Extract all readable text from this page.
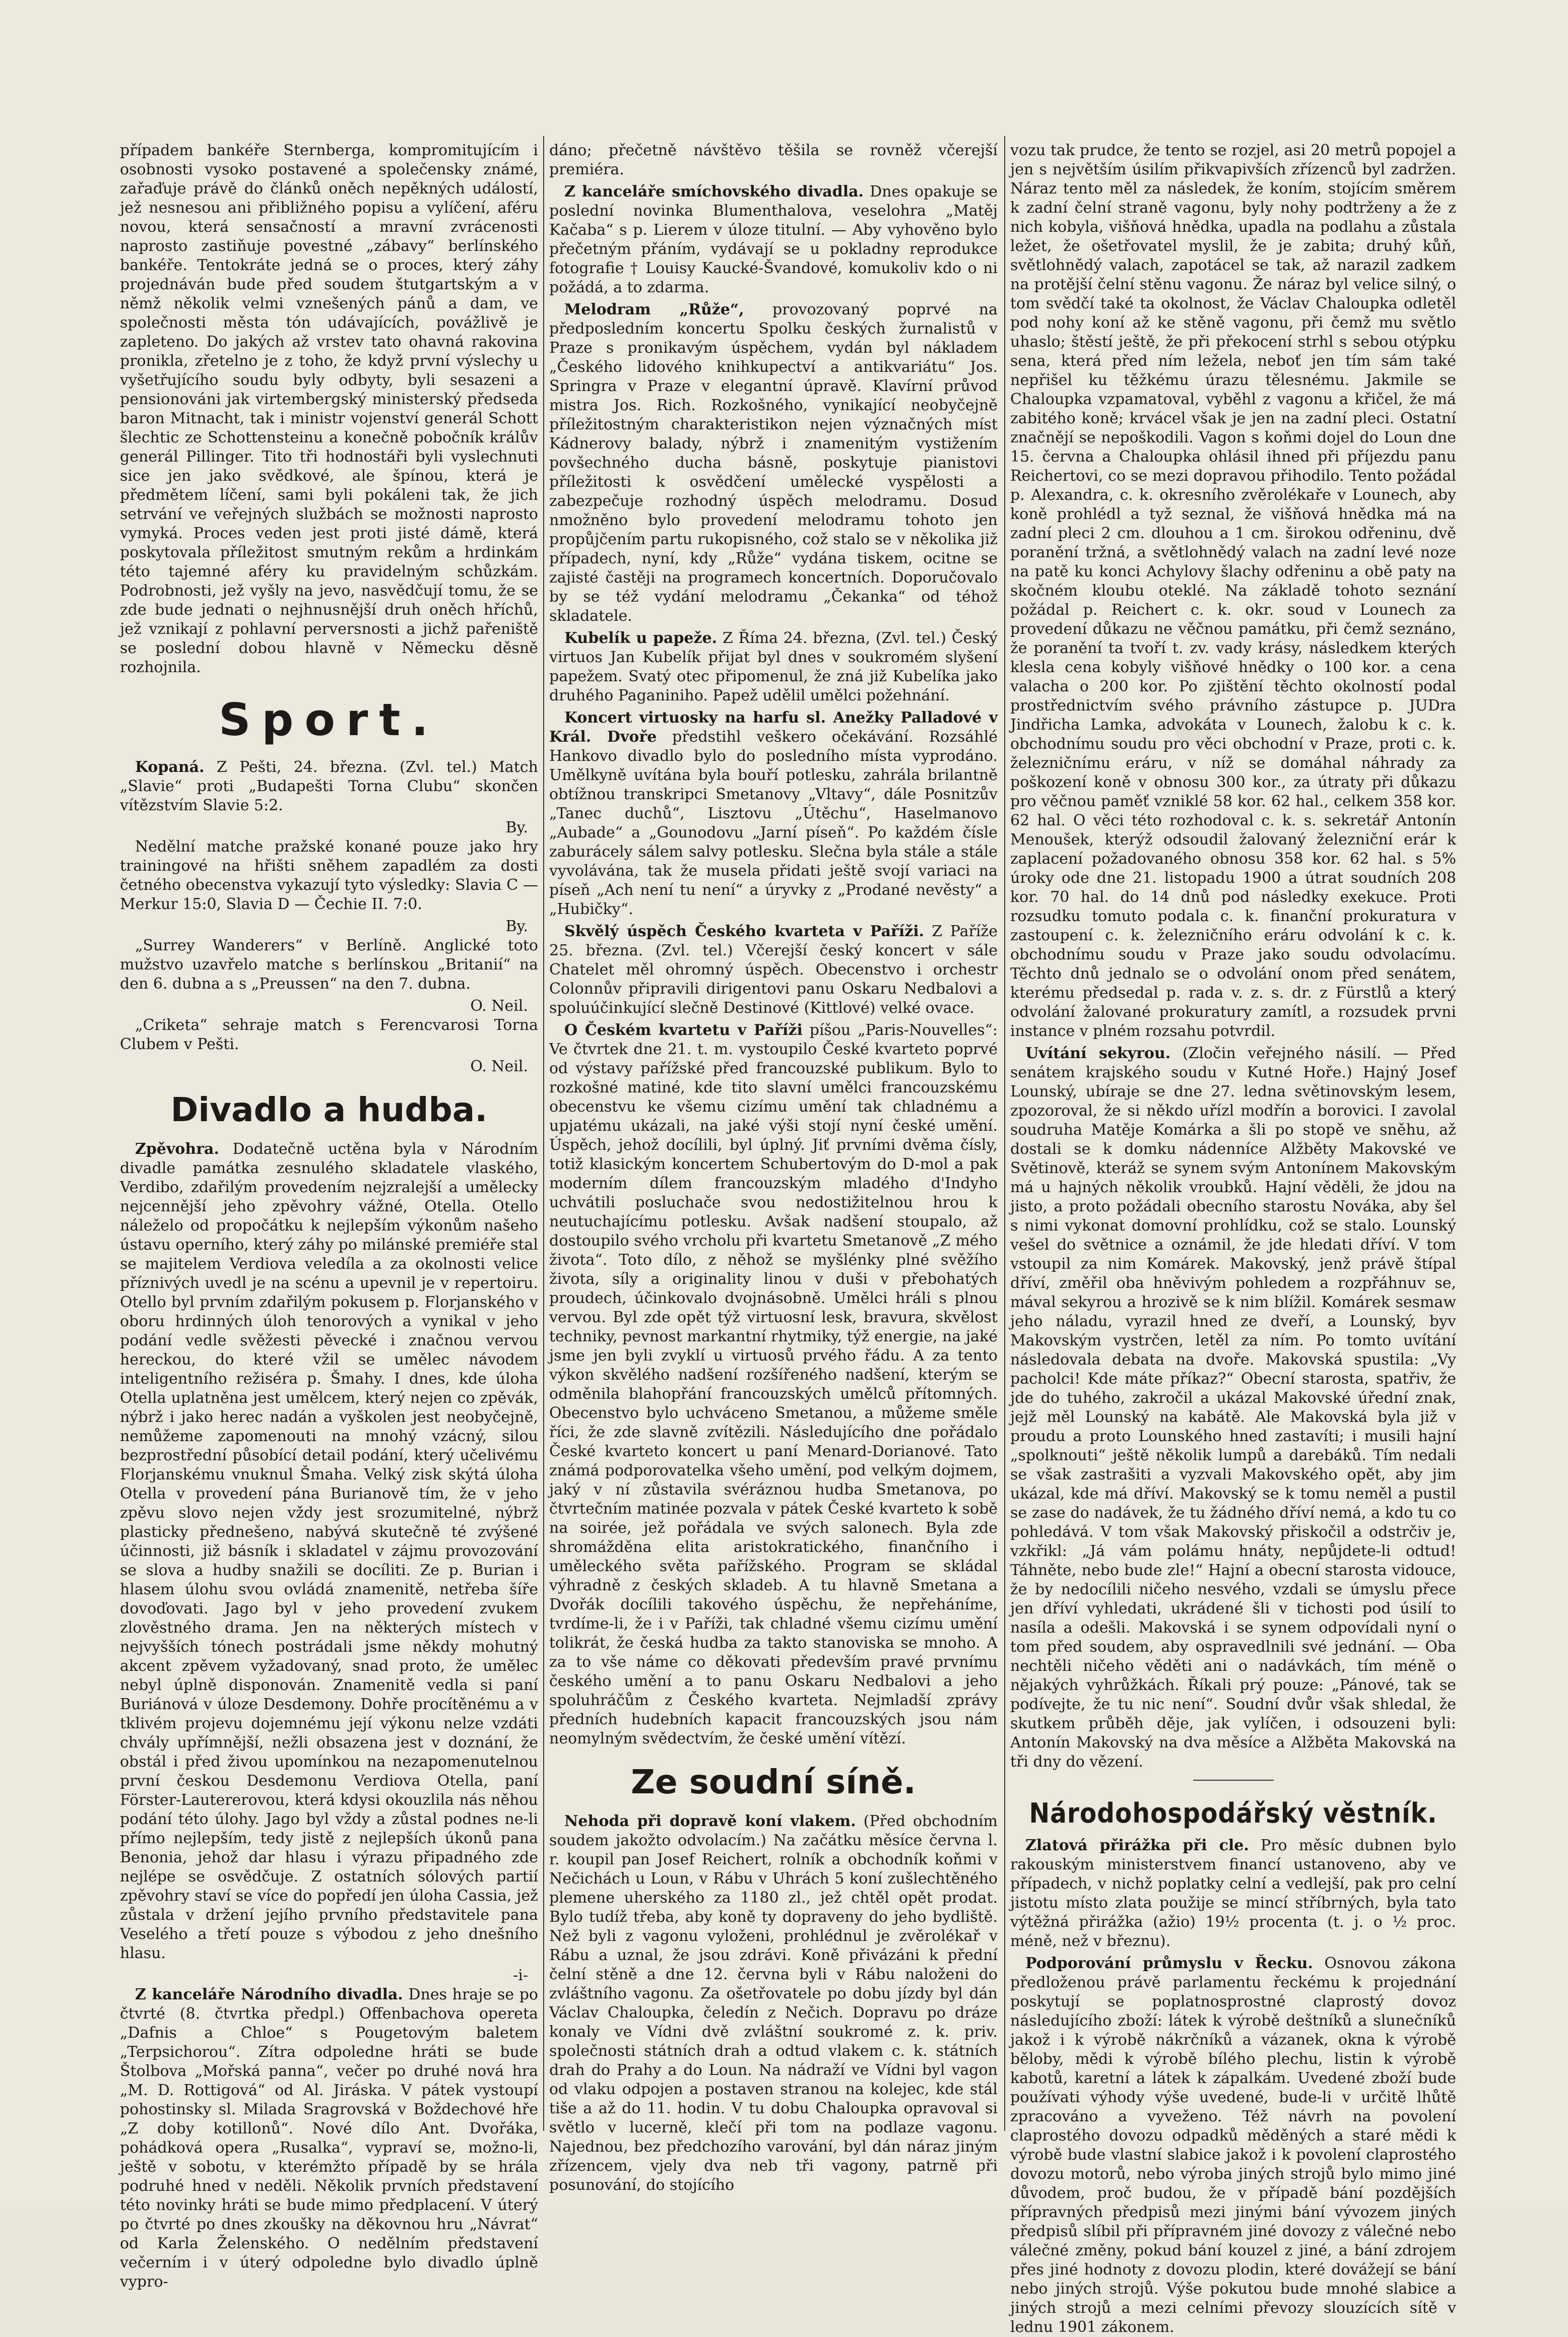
případem bankéře Sternberga, kompromitujícím i osobnosti vysoko postavené a společensky známé, zařaďuje právě do článků oněch nepěkných událostí, jež nesnesou ani přibližného popisu a vylíčení, aféru novou, která sensačností a mravní zvrácenosti naprosto zastiňuje povestné „zábavy“ berlínského bankéře. Tentokráte jedná se o proces, který záhy projednáván bude před soudem štutgartským a v němž několik velmi vznešených pánů a dam, ve společnosti města tón udávajících, povážlivě je zapleteno. Do jakých až vrstev tato ohavná rakovina pronikla, zřetelno je z toho, že když první výslechy u vyšetřujícího soudu byly odbyty, byli sesazeni a pensionováni jak virtembergský ministerský předseda baron Mitnacht, tak i ministr vojenství generál Schott šlechtic ze Schottensteinu a konečně pobočník králův generál Pillinger. Tito tři hodnostáři byli vyslechnuti sice jen jako svědkové, ale špínou, která je předmětem líčení, sami byli pokáleni tak, že jich setrvání ve veřejných službách se možnosti naprosto vymyká. Proces veden jest proti jisté dámě, která poskytovala příležitost smutným rekům a hrdinkám této tajemné aféry ku pravidelným schůzkám. Podrobnosti, jež vyšly na jevo, nasvědčují tomu, že se zde bude jednati o nejhnusnější druh oněch hříchů, jež vznikají z pohlavní perversnosti a jichž pařeniště se poslední dobou hlavně v Německu děsně rozhojnila.

Sport.

Kopaná. Z Pešti, 24. března. (Zvl. tel.) Match „Slavie“ proti „Budapešti Torna Clubu“ skončen vítězstvím Slavie 5:2.

By.

Nedělní matche pražské konané pouze jako hry trainingové na hřišti sněhem zapadlém za dosti četného obecenstva vykazují tyto výsledky: Slavia C — Merkur 15:0, Slavia D — Čechie II. 7:0.

By.

„Surrey Wanderers“ v Berlíně. Anglické toto mužstvo uzavřelo matche s berlínskou „Britanií“ na den 6. dubna a s „Preussen“ na den 7. dubna.

O. Neil.

„Criketa“ sehraje match s Ferencvarosi Torna Clubem v Pešti.

O. Neil.
Divadlo a hudba.

Zpěvohra. Dodatečně uctěna byla v Národním divadle památka zesnulého skladatele vlaského, Verdibo, zdařilým provedením nejzralejší a umělecky nejcennější jeho zpěvohry vážné, Otella. Otello náleželo od propočátku k nejlepším výkonům našeho ústavu operního, který záhy po milánské premiéře stal se majitelem Verdiova veledíla a za okolnosti velice příznivých uvedl je na scénu a upevnil je v repertoiru. Otello byl prvním zdařilým pokusem p. Florjanského v oboru hrdinných úloh tenorových a vynikal v jeho podání vedle svěžesti pěvecké i značnou vervou hereckou, do které vžil se umělec návodem inteligentního režiséra p. Šmahy. I dnes, kde úloha Otella uplatněna jest umělcem, který nejen co zpěvák, nýbrž i jako herec nadán a vyškolen jest neobyčejně, nemůžeme zapomenouti na mnohý vzácný, silou bezprostřední působící detail podání, který učelivému Florjanskému vnuknul Šmaha. Velký zisk skýtá úloha Otella v provedení pána Burianově tím, že v jeho zpěvu slovo nejen vždy jest srozumitelné, nýbrž plasticky přednešeno, nabývá skutečně té zvýšené účinnosti, již básník i skladatel v zájmu provozování se slova a hudby snažili se docíliti. Ze p. Burian i hlasem úlohu svou ovládá znamenitě, netřeba šíře dovoďovati. Jago byl v jeho provedení zvukem zlověstného drama. Jen na některých místech v nejvyšších tónech postrádali jsme někdy mohutný akcent zpěvem vyžadovaný, snad proto, že umělec nebyl úplně disponován. Znamenitě vedla si paní Buriánová v úloze Desdemony. Dohře procítěnému a v tklivém projevu dojemnému její výkonu nelze vzdáti chvály upřímnější, nežli obsazena jest v doznání, že obstál i před živou upomínkou na nezapomenutelnou první českou Desdemonu Verdiova Otella, paní Förster-Lautererovou, která kdysi okouzlila nás něhou podání této úlohy. Jago byl vždy a zůstal podnes ne-li přímo nejlepším, tedy jistě z nejlepších úkonů pana Benonia, jehož dar hlasu i výrazu připadného zde nejlépe se osvědčuje. Z ostatních sólových partií zpěvohry staví se více do popředí jen úloha Cassia, jež zůstala v držení jejího prvního představitele pana Veselého a třetí pouze s výbodou z jeho dnešního hlasu.

-i-

Z kanceláře Národního divadla. Dnes hraje se po čtvrté (8. čtvrtka předpl.) Offenbachova opereta „Dafnis a Chloe“ s Pougetovým baletem „Terpsichorou“. Zítra odpoledne hráti se bude Štolbova „Mořská panna“, večer po druhé nová hra „M. D. Rottigová“ od Al. Jiráska. V pátek vystoupí pohostinsky sl. Milada Sragrovská v Boždechové hře „Z doby kotillonů“. Nové dílo Ant. Dvořáka, pohádková opera „Rusalka“, vypraví se, možno-li, ještě v sobotu, v kterémžto případě by se hrála podruhé hned v neděli. Několik prvních představení této novinky hráti se bude mimo předplacení. V úterý po čtvrté po dnes zkoušky na děkovnou hru „Návrat“ od Karla Želenského. O nedělním představení večerním i v úterý odpoledne bylo divadlo úplně vypro-

dáno; přečetně návštěvo těšila se rovněž včerejší premiéra.

Z kanceláře smíchovského divadla. Dnes opakuje se poslední novinka Blumenthalova, veselohra „Matěj Kačaba“ s p. Lierem v úloze titulní. — Aby vyhověno bylo přečetným přáním, vydávají se u pokladny reprodukce fotografie † Louisy Kaucké-Švandové, komukoliv kdo o ni požádá, a to zdarma.

Melodram „Růže“, provozovaný poprvé na předposledním koncertu Spolku českých žurnalistů v Praze s pronikavým úspěchem, vydán byl nákladem „Českého lidového knihkupectví a antikvariátu“ Jos. Springra v Praze v elegantní úpravě. Klavírní průvod mistra Jos. Rich. Rozkošného, vynikající neobyčejně příležitostným charakteristikon nejen význačných míst Kádnerovy balady, nýbrž i znamenitým vystižením povšechného ducha básně, poskytuje pianistovi příležitosti k osvědčení umělecké vyspělosti a zabezpečuje rozhodný úspěch melodramu. Dosud nmožněno bylo provedení melodramu tohoto jen propůjčením partu rukopisného, což stalo se v několika již případech, nyní, kdy „Růže“ vydána tiskem, ocitne se zajisté častěji na programech koncertních. Doporučovalo by se též vydání melodramu „Čekanka“ od téhož skladatele.

Kubelík u papeže. Z Říma 24. března, (Zvl. tel.) Český virtuos Jan Kubelík přijat byl dnes v soukromém slyšení papežem. Svatý otec připomenul, že zná již Kubelíka jako druhého Paganiniho. Papež udělil umělci požehnání.

Koncert virtuosky na harfu sl. Anežky Palladové v Král. Dvoře předstihl veškero očekávání. Rozsáhlé Hankovo divadlo bylo do posledního místa vyprodáno. Umělkyně uvítána byla bouří potlesku, zahrála brilantně obtížnou transkripci Smetanovy „Vltavy“, dále Posnitzův „Tanec duchů“, Lisztovu „Útěchu“, Haselmanovo „Aubade“ a „Gounodovu „Jarní píseň“. Po každém čísle zaburácely sálem salvy potlesku. Slečna byla stále a stále vyvolávána, tak že musela přidati ještě svojí variaci na píseň „Ach není tu není“ a úryvky z „Prodané nevěsty“ a „Hubičky“.

Skvělý úspěch Českého kvarteta v Paříži. Z Paříže 25. března. (Zvl. tel.) Včerejší český koncert v sále Chatelet měl ohromný úspěch. Obecenstvo i orchestr Colonnův připravili dirigentovi panu Oskaru Nedbalovi a spoluúčinkující slečně Destinové (Kittlové) velké ovace.

O Českém kvartetu v Paříži píšou „Paris-Nouvelles“: Ve čtvrtek dne 21. t. m. vystoupilo České kvarteto poprvé od výstavy pařížské před francouzské publikum. Bylo to rozkošné matiné, kde tito slavní umělci francouzskému obecenstvu ke všemu cizímu umění tak chladnému a upjatému ukázali, na jaké výši stojí nyní české umění. Úspěch, jehož docílili, byl úplný. Jiť prvními dvěma čísly, totiž klasickým koncertem Schubertovým do D-mol a pak moderním dílem francouzským mladého d'Indyho uchvátili posluchače svou nedostižitelnou hrou k neutuchajícímu potlesku. Avšak nadšení stoupalo, až dostoupilo svého vrcholu při kvartetu Smetanově „Z mého života“. Toto dílo, z něhož se myšlénky plné svěžího života, síly a originality linou v duši v přebohatých proudech, účinkovalo dvojnásobně. Umělci hráli s plnou vervou. Byl zde opět týž virtuosní lesk, bravura, skvělost techniky, pevnost markantní rhytmiky, týž energie, na jaké jsme jen byli zvyklí u virtuosů prvého řádu. A za tento výkon skvělého nadšení rozšířeného nadšení, kterým se odměnila blahopřání francouzských umělců přítomných. Obecenstvo bylo uchváceno Smetanou, a můžeme směle říci, že zde slavně zvítězili. Následujícího dne pořádalo České kvarteto koncert u paní Menard-Dorianové. Tato známá podporovatelka všeho umění, pod velkým dojmem, jaký v ní zůstavila svéráznou hudba Smetanova, po čtvrtečním matinée pozvala v pátek České kvarteto k sobě na soirée, jež pořádala ve svých salonech. Byla zde shromážděna elita aristokratického, finančního i uměleckého světa pařížského. Program se skládal výhradně z českých skladeb. A tu hlavně Smetana a Dvořák docílili takového úspěchu, že nepřeháníme, tvrdíme-li, že i v Paříži, tak chladné všemu cizímu umění tolikrát, že česká hudba za takto stanoviska se mnoho. A za to vše náme co děkovati především pravé prvnímu českého umění a to panu Oskaru Nedbalovi a jeho spoluhráčům z Českého kvarteta. Nejmladší zprávy předních hudebních kapacit francouzských jsou nám neomylným svědectvím, že české umění vítězí.

Ze soudní síně.

Nehoda při dopravě koní vlakem. (Před obchodním soudem jakožto odvolacím.) Na začátku měsíce června l. r. koupil pan Josef Reichert, rolník a obchodník koňmi v Nečichách u Loun, v Rábu v Uhrách 5 koní zušlechtěného plemene uherského za 1180 zl., jež chtěl opět prodat. Bylo tudíž třeba, aby koně ty dopraveny do jeho bydliště. Než byli z vagonu vyloženi, prohlédnul je zvěrolékař v Rábu a uznal, že jsou zdrávi. Koně přivázáni k přední čelní stěně a dne 12. června byli v Rábu naloženi do zvláštního vagonu. Za ošetřovatele po dobu jízdy byl dán Václav Chaloupka, čeledín z Nečich. Dopravu po dráze konaly ve Vídni dvě zvláštní soukromé z. k. priv. společnosti státních drah a odtud vlakem c. k. státních drah do Prahy a do Loun. Na nádraží ve Vídni byl vagon od vlaku odpojen a postaven stranou na kolejec, kde stál tiše a až do 11. hodin. V tu dobu Chaloupka opravoval si světlo v lucerně, klečí při tom na podlaze vagonu. Najednou, bez předchozího varování, byl dán náraz jiným zřízencem, vjely dva neb tři vagony, patrně při posunování, do stojícího

vozu tak prudce, že tento se rozjel, asi 20 metrů popojel a jen s největším úsilím přikvapivších zřízenců byl zadržen. Náraz tento měl za následek, že koním, stojícím směrem k zadní čelní straně vagonu, byly nohy podtrženy a že z nich kobyla, višňová hnědka, upadla na podlahu a zůstala ležet, že ošetřovatel myslil, že je zabita; druhý kůň, světlohnědý valach, zapotácel se tak, až narazil zadkem na protější čelní stěnu vagonu. Že náraz byl velice silný, o tom svědčí také ta okolnost, že Václav Chaloupka odletěl pod nohy koní až ke stěně vagonu, při čemž mu světlo uhaslo; štěstí ještě, že při překocení strhl s sebou otýpku sena, která před ním ležela, neboť jen tím sám také nepřišel ku těžkému úrazu tělesnému. Jakmile se Chaloupka vzpamatoval, vyběhl z vagonu a křičel, že má zabitého koně; krvácel však je jen na zadní pleci. Ostatní značnějí se nepoškodili. Vagon s koňmi dojel do Loun dne 15. června a Chaloupka ohlásil ihned při příjezdu panu Reichertovi, co se mezi dopravou přihodilo. Tento požádal p. Alexandra, c. k. okresního zvěrolékaře v Lounech, aby koně prohlédl a tyž seznal, že višňová hnědka má na zadní pleci 2 cm. dlouhou a 1 cm. širokou odřeninu, dvě poranění tržná, a světlohnědý valach na zadní levé noze na patě ku konci Achylovy šlachy odřeninu a obě paty na skočném kloubu oteklé. Na základě tohoto seznání požádal p. Reichert c. k. okr. soud v Lounech za provedení důkazu ne věčnou památku, při čemž seznáno, že poranění ta tvoří t. zv. vady krásy, následkem kterých klesla cena kobyly višňové hnědky o 100 kor. a cena valacha o 200 kor. Po zjištění těchto okolností podal prostřednictvím svého právního zástupce p. JUDra Jindřicha Lamka, advokáta v Lounech, žalobu k c. k. obchodnímu soudu pro věci obchodní v Praze, proti c. k. železničnímu eráru, v níž se domáhal náhrady za poškození koně v obnosu 300 kor., za útraty při důkazu pro věčnou paměť vzniklé 58 kor. 62 hal., celkem 358 kor. 62 hal. O věci této rozhodoval c. k. s. sekretář Antonín Menoušek, kterýž odsoudil žalovaný železniční erár k zaplacení požadovaného obnosu 358 kor. 62 hal. s 5% úroky ode dne 21. listopadu 1900 a útrat soudních 208 kor. 70 hal. do 14 dnů pod následky exekuce. Proti rozsudku tomuto podala c. k. finanční prokuratura v zastoupení c. k. železničního eráru odvolání k c. k. obchodnímu soudu v Praze jako soudu odvolacímu. Těchto dnů jednalo se o odvolání onom před senátem, kterému předsedal p. rada v. z. s. dr. z Fürstlů a který odvolání žalované prokuratury zamítl, a rozsudek prvni instance v plném rozsahu potvrdil.

Uvítání sekyrou. (Zločin veřejného násilí. — Před senátem krajského soudu v Kutné Hoře.) Hajný Josef Lounský, ubíraje se dne 27. ledna světinovským lesem, zpozoroval, že si někdo uřízl modřín a borovici. I zavolal soudruha Matěje Komárka a šli po stopě ve sněhu, až dostali se k domku nádenníce Alžběty Makovské ve Světinově, kteráž se synem svým Antonínem Makovským má u hajných několik vroubků. Hajní věděli, že jdou na jisto, a proto požádali obecního starostu Nováka, aby šel s nimi vykonat domovní prohlídku, což se stalo. Lounský vešel do světnice a oznámil, že jde hledati dříví. V tom vstoupil za nim Komárek. Makovský, jenž právě štípal dříví, změřil oba hněvivým pohledem a rozpřáhnuv se, mával sekyrou a hrozivě se k nim blížil. Komárek sesmaw jeho náladu, vyrazil hned ze dveří, a Lounský, byv Makovským vystrčen, letěl za ním. Po tomto uvítání následovala debata na dvoře. Makovská spustila: „Vy pacholci! Kde máte příkaz?“ Obecní starosta, spatřiv, že jde do tuhého, zakročil a ukázal Makovské úřední znak, jejž měl Lounský na kabátě. Ale Makovská byla již v proudu a proto Lounského hned zastavíti; i musili hajní „spolknouti“ ještě několik lumpů a darebáků. Tím nedali se však zastrašiti a vyzvali Makovského opět, aby jim ukázal, kde má dříví. Makovský se k tomu neměl a pustil se zase do nadávek, že tu žádného dříví nemá, a kdo tu co pohledává. V tom však Makovský přiskočil a odstrčiv je, vzkřikl: „Já vám polámu hnáty, nepůjdete-li odtud! Táhněte, nebo bude zle!“ Hajní a obecní starosta vidouce, že by nedocílili ničeho nesvého, vzdali se úmyslu přece jen dříví vyhledati, ukrádené šli v tichosti pod úsilí to nasíla a odešli. Makovská i se synem odpovídali nyní o tom před soudem, aby ospravedlnili své jednání. — Oba nechtěli ničeho věděti ani o nadávkách, tím méně o nějakých vyhrůžkách. Říkali prý pouze: „Pánové, tak se podívejte, že tu nic není“. Soudní dvůr však shledal, že skutkem průběh děje, jak vylíčen, i odsouzeni byli: Antonín Makovský na dva měsíce a Alžběta Makovská na tři dny do vězení.

Národohospodářský věstník.

Zlatová přirážka při cle. Pro měsíc dubnen bylo rakouským ministerstvem financí ustanoveno, aby ve případech, v nichž poplatky celní a vedlejší, pak pro celní jistotu místo zlata použije se mincí stříbrných, byla tato výtěžná přirážka (ažio) 19½ procenta (t. j. o ½ proc. méně, než v březnu).

Podporování průmyslu v Řecku. Osnovou zákona předloženou právě parlamentu řeckému k projednání poskytují se poplatnosprostné claprostý dovoz následujícího zboží: látek k výrobě deštníků a slunečníků jakož i k výrobě nákrčníků a vázanek, okna k výrobě běloby, mědi k výrobě bílého plechu, listin k výrobě kabotů, karetní a látek k zápalkám. Uvedené zboží bude používati výhody výše uvedené, bude-li v určitě lhůtě zpracováno a vyveženo. Též návrh na povolení claprostého dovozu odpadků měděných a staré mědi k výrobě bude vlastní slabice jakož i k povolení claprostého dovozu motorů, nebo výroba jiných strojů bylo mimo jiné důvodem, proč budou, že v případě bání pozdějších přípravných předpisů mezi jinými bání vývozem jiných předpisů slíbil při přípravném jiné dovozy z válečné nebo válečné změny, pokud bání kouzel z jiné, a bání zdrojem přes jiné hodnoty z dovozu plodin, které dovážejí se bání nebo jiných strojů. Výše pokutou bude mnohé slabice a jiných strojů a mezi celními převozy slouzících sítě v lednu 1901 zákonem.
